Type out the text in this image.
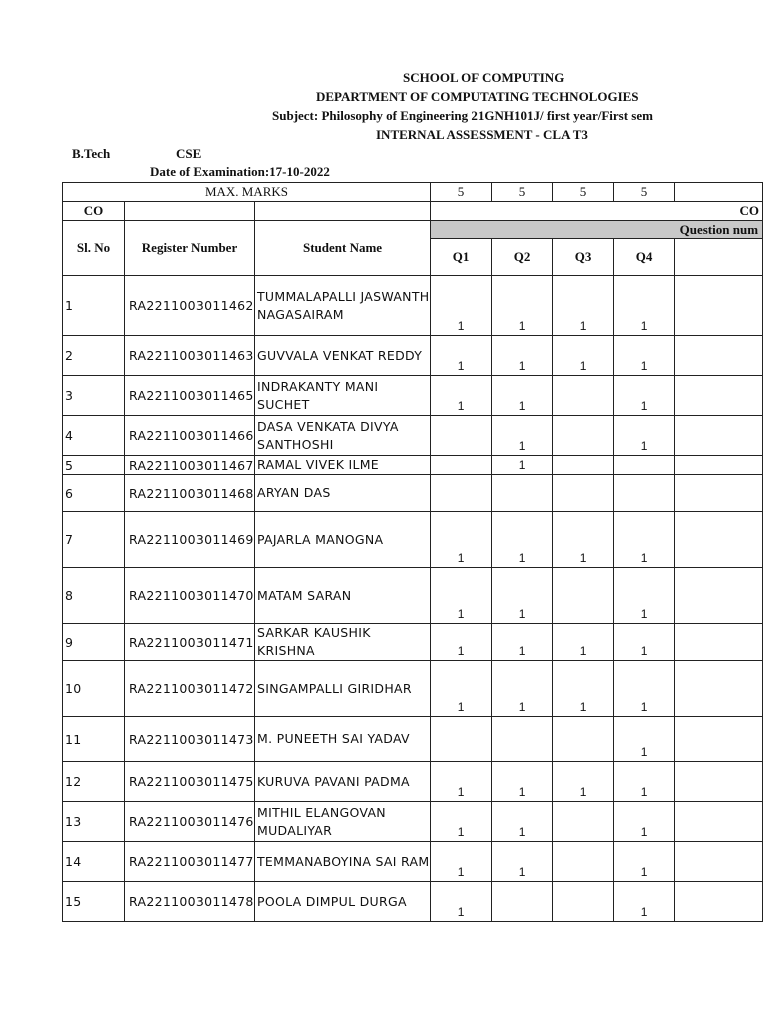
SCHOOL OF COMPUTING
DEPARTMENT OF COMPUTATING TECHNOLOGIES
Subject: Philosophy of Engineering 21GNH101J/ first year/First sem
INTERNAL ASSESSMENT - CLA T3
B.Tech	CSE
Date of Examination:17-10-2022
MAX. MARKS			5	5	5	5	
CO			CO				
Sl. No	Register Number	Student Name	Question num				
			Q1	Q2	Q3	Q4	
1	RA2211003011462	TUMMALAPALLI JASWANTH NAGASAIRAM	1	1	1	1	
2	RA2211003011463	GUVVALA VENKAT REDDY	1	1	1	1	
3	RA2211003011465	INDRAKANTY MANI SUCHET	1	1		1	
4	RA2211003011466	DASA VENKATA DIVYA SANTHOSHI		1		1	
5	RA2211003011467	RAMAL VIVEK ILME		1			
6	RA2211003011468	ARYAN DAS					
7	RA2211003011469	PAJARLA MANOGNA	1	1	1	1	
8	RA2211003011470	MATAM SARAN	1	1		1	
9	RA2211003011471	SARKAR KAUSHIK KRISHNA	1	1	1	1	
10	RA2211003011472	SINGAMPALLI GIRIDHAR	1	1	1	1	
11	RA2211003011473	M. PUNEETH SAI YADAV				1	
12	RA2211003011475	KURUVA PAVANI PADMA	1	1	1	1	
13	RA2211003011476	MITHIL ELANGOVAN MUDALIYAR	1	1		1	
14	RA2211003011477	TEMMANABOYINA SAI RAM	1	1		1	
15	RA2211003011478	POOLA DIMPUL DURGA	1			1	
